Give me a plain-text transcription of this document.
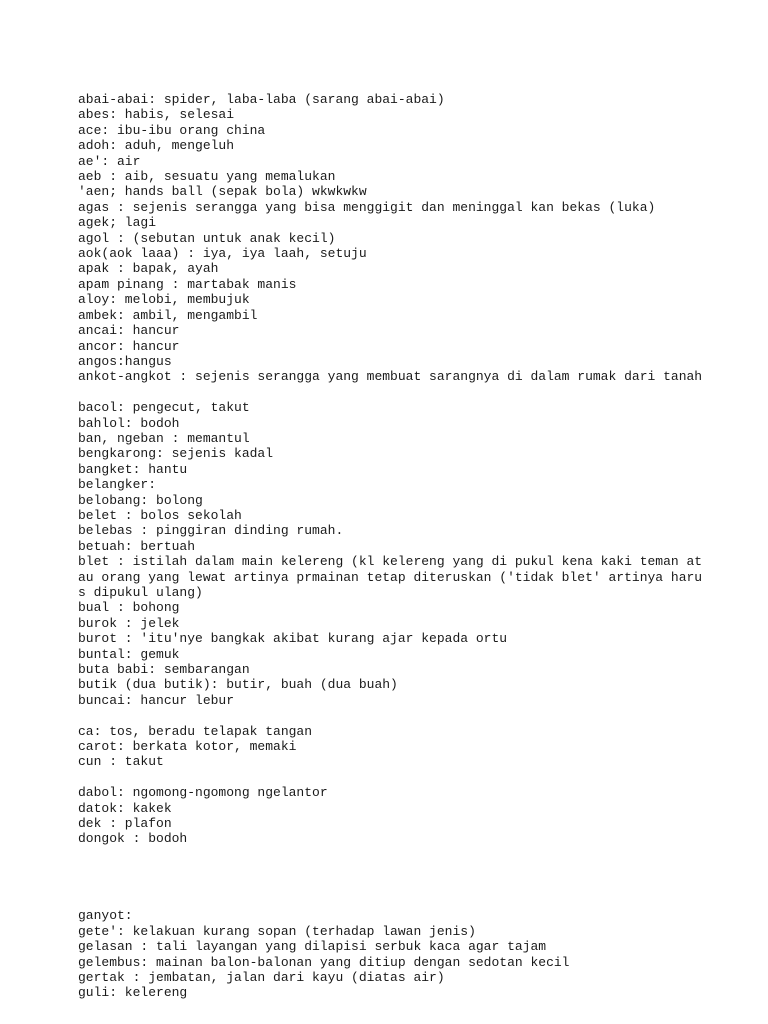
abai-abai: spider, laba-laba (sarang abai-abai)
abes: habis, selesai
ace: ibu-ibu orang china
adoh: aduh, mengeluh
ae': air
aeb : aib, sesuatu yang memalukan
'aen; hands ball (sepak bola) wkwkwkw
agas : sejenis serangga yang bisa menggigit dan meninggal kan bekas (luka)
agek; lagi
agol : (sebutan untuk anak kecil)
aok(aok laaa) : iya, iya laah, setuju
apak : bapak, ayah
apam pinang : martabak manis
aloy: melobi, membujuk
ambek: ambil, mengambil
ancai: hancur
ancor: hancur
angos:hangus
ankot-angkot : sejenis serangga yang membuat sarangnya di dalam rumak dari tanah
bacol: pengecut, takut
bahlol: bodoh
ban, ngeban : memantul
bengkarong: sejenis kadal
bangket: hantu
belangker:
belobang: bolong
belet : bolos sekolah
belebas : pinggiran dinding rumah.
betuah: bertuah
blet : istilah dalam main kelereng (kl kelereng yang di pukul kena kaki teman at
au orang yang lewat artinya prmainan tetap diteruskan ('tidak blet' artinya haru
s dipukul ulang)
bual : bohong
burok : jelek
burot : 'itu'nye bangkak akibat kurang ajar kepada ortu
buntal: gemuk
buta babi: sembarangan
butik (dua butik): butir, buah (dua buah)
buncai: hancur lebur
ca: tos, beradu telapak tangan
carot: berkata kotor, memaki
cun : takut
dabol: ngomong-ngomong ngelantor
datok: kakek
dek : plafon
dongok : bodoh
ganyot:
gete': kelakuan kurang sopan (terhadap lawan jenis)
gelasan : tali layangan yang dilapisi serbuk kaca agar tajam
gelembus: mainan balon-balonan yang ditiup dengan sedotan kecil
gertak : jembatan, jalan dari kayu (diatas air)
guli: kelereng
